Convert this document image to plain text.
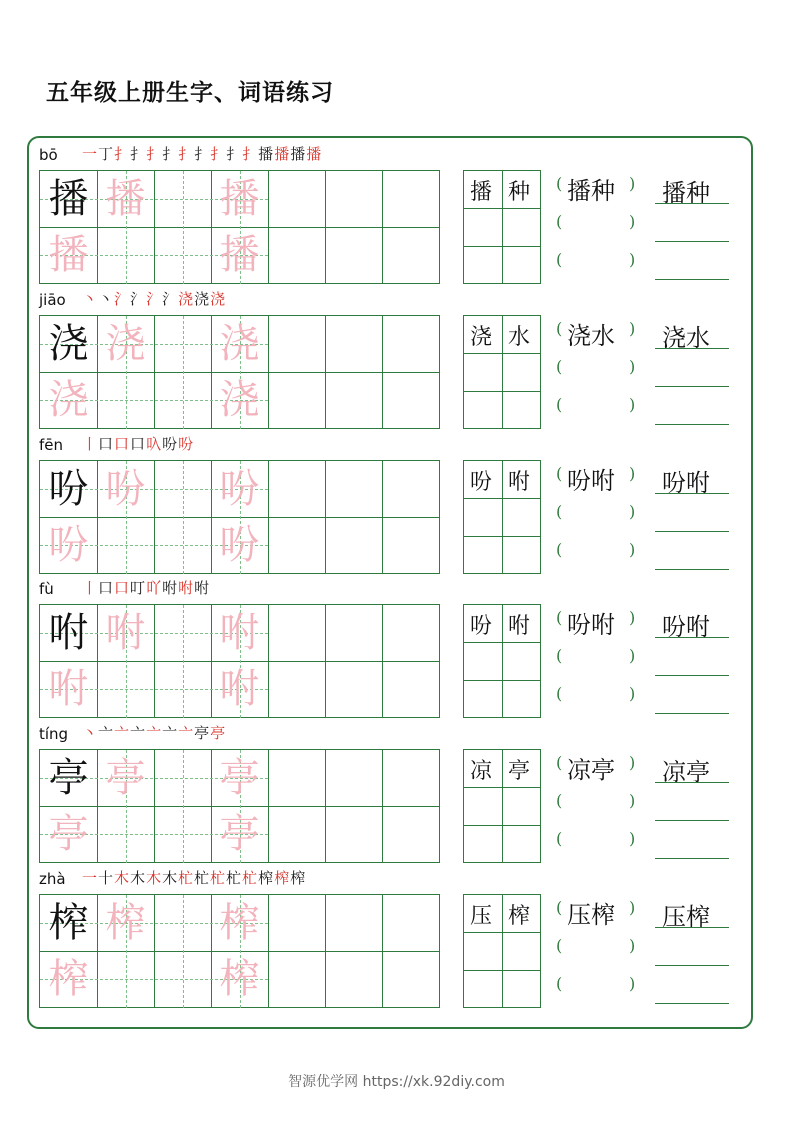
五年级上册生字、词语练习
bō 一丁扌扌扌扌扌扌扌扌扌播播播播
播 播 播
播	播
播 种 播种
(	)
(	)
(	)
播种
jiāo 丶丶氵氵氵氵浇浇浇
浇 浇 浇
浇	浇
浇 水 浇水
(	)
(	)
(	)
浇水
fēn 丨口口口叺吩吩
吩 吩 吩
吩	吩
吩 咐 吩咐
(	)
(	)
(	)
吩咐
fù 丨口口叮吖咐咐咐
咐 咐 咐
咐	咐
吩 咐 吩咐
(	)
(	)
(	)
吩咐
tíng 丶亠亠亠亠亠亠亭亭
亭 亭 亭
亭	亭
凉 亭 凉亭
(	)
(	)
(	)
凉亭
zhà 一十木木木木杧杧杧杧杧榨榨榨
榨 榨 榨
榨	榨
压 榨 压榨
(	)
(	)
(	)
压榨
智源优学网 https://xk.92diy.com
